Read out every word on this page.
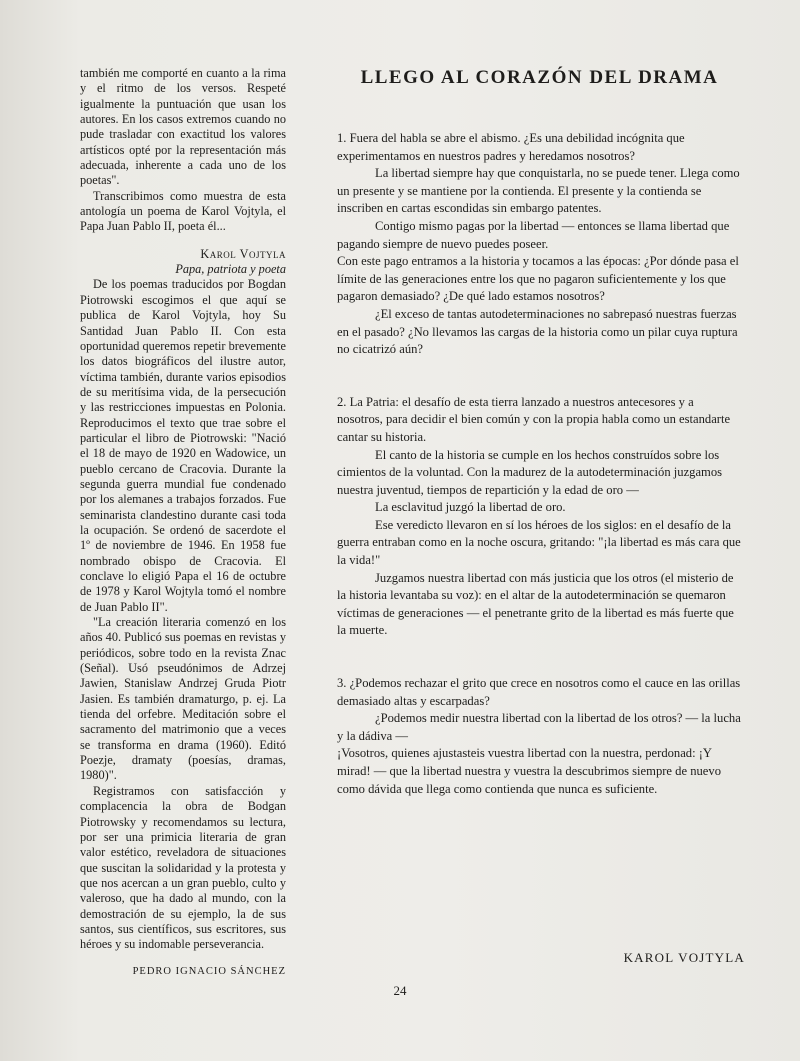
también me comporté en cuanto a la rima y el ritmo de los versos. Respeté igualmente la puntuación que usan los autores. En los casos extremos cuando no pude trasladar con exactitud los valores artísticos opté por la representación más adecuada, inherente a cada uno de los poetas".

Transcribimos como muestra de esta antología un poema de Karol Vojtyla, el Papa Juan Pablo II, poeta él...

Karol Vojtyla

Papa, patriota y poeta

De los poemas traducidos por Bogdan Piotrowski escogimos el que aquí se publica de Karol Vojtyla, hoy Su Santidad Juan Pablo II. Con esta oportunidad queremos repetir brevemente los datos biográficos del ilustre autor, víctima también, durante varios episodios de su meritísima vida, de la persecución y las restricciones impuestas en Polonia. Reproducimos el texto que trae sobre el particular el libro de Piotrowski: "Nació el 18 de mayo de 1920 en Wadowice, un pueblo cercano de Cracovia. Durante la segunda guerra mundial fue condenado por los alemanes a trabajos forzados. Fue seminarista clandestino durante casi toda la ocupación. Se ordenó de sacerdote el 1º de noviembre de 1946. En 1958 fue nombrado obispo de Cracovia. El conclave lo eligió Papa el 16 de octubre de 1978 y Karol Wojtyla tomó el nombre de Juan Pablo II".

"La creación literaria comenzó en los años 40. Publicó sus poemas en revistas y periódicos, sobre todo en la revista Znac (Señal). Usó pseudónimos de Adrzej Jawien, Stanislaw Andrzej Gruda Piotr Jasien. Es también dramaturgo, p. ej. La tienda del orfebre. Meditación sobre el sacramento del matrimonio que a veces se transforma en drama (1960). Editó Poezje, dramaty (poesías, dramas, 1980)".

Registramos con satisfacción y complacencia la obra de Bodgan Piotrowsky y recomendamos su lectura, por ser una primicia literaria de gran valor estético, reveladora de situaciones que suscitan la solidaridad y la protesta y que nos acercan a un gran pueblo, culto y valeroso, que ha dado al mundo, con la demostración de su ejemplo, la de sus santos, sus científicos, sus escritores, sus héroes y su indomable perseverancia.

PEDRO IGNACIO SÁNCHEZ

LLEGO AL CORAZÓN DEL DRAMA

1. Fuera del habla se abre el abismo. ¿Es una debilidad incógnita que experimentamos en nuestros padres y heredamos nosotros?

La libertad siempre hay que conquistarla, no se puede tener. Llega como un presente y se mantiene por la contienda. El presente y la contienda se inscriben en cartas escondidas sin embargo patentes.

Contigo mismo pagas por la libertad — entonces se llama libertad que pagando siempre de nuevo puedes poseer.

Con este pago entramos a la historia y tocamos a las épocas: ¿Por dónde pasa el límite de las generaciones entre los que no pagaron suficientemente y los que pagaron demasiado? ¿De qué lado estamos nosotros?

¿El exceso de tantas autodeterminaciones no sabrepasó nuestras fuerzas en el pasado? ¿No llevamos las cargas de la historia como un pilar cuya ruptura no cicatrizó aún?

2. La Patria: el desafío de esta tierra lanzado a nuestros antecesores y a nosotros, para decidir el bien común y con la propia habla como un estandarte cantar su historia.

El canto de la historia se cumple en los hechos construídos sobre los cimientos de la voluntad. Con la madurez de la autodeterminación juzgamos nuestra juventud, tiempos de repartición y la edad de oro —

La esclavitud juzgó la libertad de oro.

Ese veredicto llevaron en sí los héroes de los siglos: en el desafío de la guerra entraban como en la noche oscura, gritando: "¡la libertad es más cara que la vida!"

Juzgamos nuestra libertad con más justicia que los otros (el misterio de la historia levantaba su voz): en el altar de la autodeterminación se quemaron víctimas de generaciones — el penetrante grito de la libertad es más fuerte que la muerte.

3. ¿Podemos rechazar el grito que crece en nosotros como el cauce en las orillas demasiado altas y escarpadas?

¿Podemos medir nuestra libertad con la libertad de los otros? — la lucha y la dádiva —

¡Vosotros, quienes ajustasteis vuestra libertad con la nuestra, perdonad: ¡Y mirad! — que la libertad nuestra y vuestra la descubrimos siempre de nuevo como dávida que llega como contienda que nunca es suficiente.

KAROL VOJTYLA
24
